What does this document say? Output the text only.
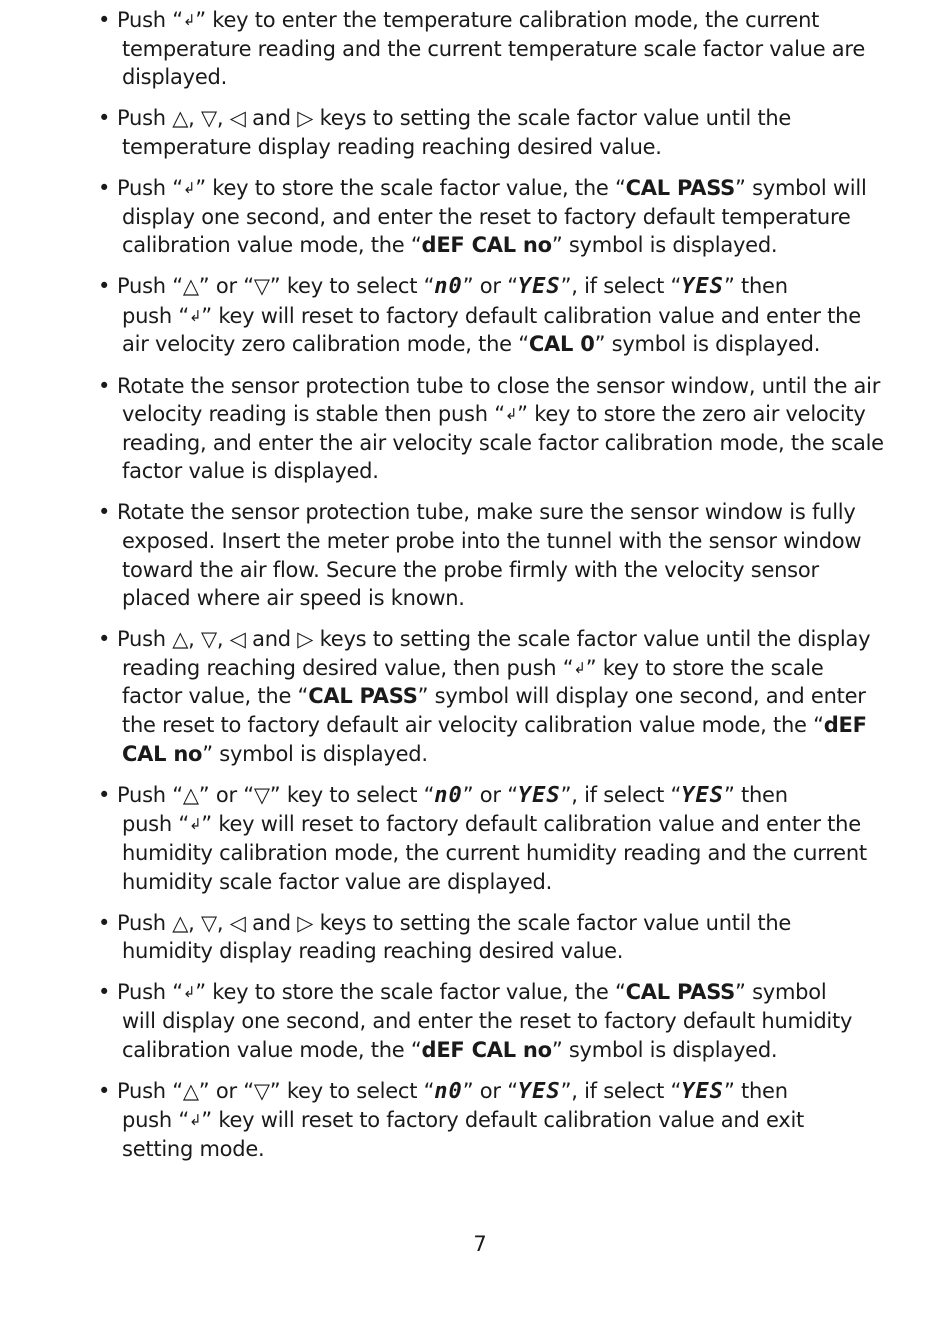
• Push “↲” key to enter the temperature calibration mode, the current
temperature reading and the current temperature scale factor value are
displayed.
• Push △, ▽, ◁ and ▷ keys to setting the scale factor value until the
temperature display reading reaching desired value.
• Push “↲” key to store the scale factor value, the “CAL PASS” symbol will
display one second, and enter the reset to factory default temperature
calibration value mode, the “dEF CAL no” symbol is displayed.
• Push “△” or “▽” key to select “n0” or “YES”, if select “YES” then
push “↲” key will reset to factory default calibration value and enter the
air velocity zero calibration mode, the “CAL 0” symbol is displayed.
• Rotate the sensor protection tube to close the sensor window, until the air
velocity reading is stable then push “↲” key to store the zero air velocity
reading, and enter the air velocity scale factor calibration mode, the scale
factor value is displayed.
• Rotate the sensor protection tube, make sure the sensor window is fully
exposed. Insert the meter probe into the tunnel with the sensor window
toward the air flow. Secure the probe firmly with the velocity sensor
placed where air speed is known.
• Push △, ▽, ◁ and ▷ keys to setting the scale factor value until the display
reading reaching desired value, then push “↲” key to store the scale
factor value, the “CAL PASS” symbol will display one second, and enter
the reset to factory default air velocity calibration value mode, the “dEF
CAL no” symbol is displayed.
• Push “△” or “▽” key to select “n0” or “YES”, if select “YES” then
push “↲” key will reset to factory default calibration value and enter the
humidity calibration mode, the current humidity reading and the current
humidity scale factor value are displayed.
• Push △, ▽, ◁ and ▷ keys to setting the scale factor value until the
humidity display reading reaching desired value.
• Push “↲” key to store the scale factor value, the “CAL PASS” symbol
will display one second, and enter the reset to factory default humidity
calibration value mode, the “dEF CAL no” symbol is displayed.
• Push “△” or “▽” key to select “n0” or “YES”, if select “YES” then
push “↲” key will reset to factory default calibration value and exit
setting mode.
7
